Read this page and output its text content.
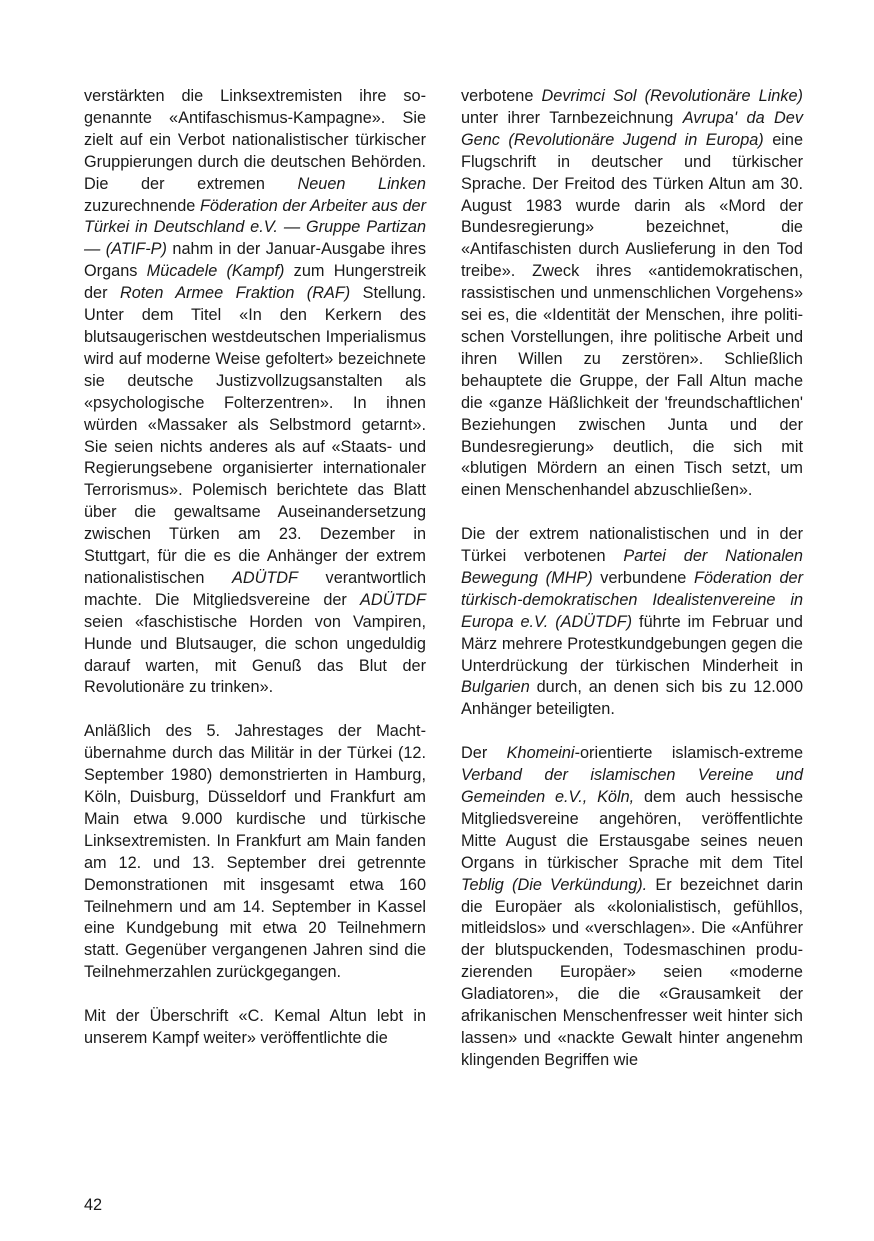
verstärkten die Linksextremisten ihre sogenannte «Antifaschismus-Kampagne». Sie zielt auf ein Verbot nationalistischer türkischer Gruppierungen durch die deutschen Behörden. Die der extremen Neuen Linken zuzurechnende Föderation der Arbeiter aus der Türkei in Deutschland e.V. — Gruppe Partizan — (ATIF-P) nahm in der Januar-Ausgabe ihres Organs Mücadele (Kampf) zum Hungerstreik der Roten Armee Fraktion (RAF) Stellung. Unter dem Titel «In den Kerkern des blutsaugerischen westdeutschen Imperialismus wird auf moderne Weise gefoltert» bezeichnete sie deutsche Justizvollzugsanstalten als «psychologische Folterzentren». In ihnen würden «Massaker als Selbstmord getarnt». Sie seien nichts anderes als auf «Staats- und Regierungsebene organisierter internationaler Terrorismus». Polemisch berichtete das Blatt über die gewaltsame Auseinandersetzung zwischen Türken am 23. Dezember in Stuttgart, für die es die Anhänger der extrem nationalistischen ADÜTDF verantwortlich machte. Die Mitgliedsvereine der ADÜTDF seien «faschistische Horden von Vampiren, Hunde und Blutsauger, die schon ungeduldig darauf warten, mit Genuß das Blut der Revolutionäre zu trinken».

Anläßlich des 5. Jahrestages der Machtübernahme durch das Militär in der Türkei (12. September 1980) demonstrierten in Hamburg, Köln, Duisburg, Düsseldorf und Frankfurt am Main etwa 9.000 kurdische und türkische Linksextremisten. In Frankfurt am Main fanden am 12. und 13. September drei getrennte Demonstrationen mit insgesamt etwa 160 Teilnehmern und am 14. September in Kassel eine Kundgebung mit etwa 20 Teilnehmern statt. Gegenüber vergangenen Jahren sind die Teilnehmerzahlen zurückgegangen.

Mit der Überschrift «C. Kemal Altun lebt in unserem Kampf weiter» veröffentlichte die

verbotene Devrimci Sol (Revolutionäre Linke) unter ihrer Tarnbezeichnung Avrupa' da Dev Genc (Revolutionäre Jugend in Europa) eine Flugschrift in deutscher und türkischer Sprache. Der Freitod des Türken Altun am 30. August 1983 wurde darin als «Mord der Bundesregierung» bezeichnet, die «Antifaschisten durch Auslieferung in den Tod treibe». Zweck ihres «antidemokratischen, rassistischen und unmenschlichen Vorgehens» sei es, die «Identität der Menschen, ihre politischen Vorstellungen, ihre politische Arbeit und ihren Willen zu zerstören». Schließlich behauptete die Gruppe, der Fall Altun mache die «ganze Häßlichkeit der 'freundschaftlichen' Beziehungen zwischen Junta und der Bundesregierung» deutlich, die sich mit «blutigen Mördern an einen Tisch setzt, um einen Menschenhandel abzuschließen».

Die der extrem nationalistischen und in der Türkei verbotenen Partei der Nationalen Bewegung (MHP) verbundene Föderation der türkisch-demokratischen Idealistenvereine in Europa e.V. (ADÜTDF) führte im Februar und März mehrere Protestkundgebungen gegen die Unterdrückung der türkischen Minderheit in Bulgarien durch, an denen sich bis zu 12.000 Anhänger beteiligten.

Der Khomeini-orientierte islamisch-extreme Verband der islamischen Vereine und Gemeinden e.V., Köln, dem auch hessische Mitgliedsvereine angehören, veröffentlichte Mitte August die Erstausgabe seines neuen Organs in türkischer Sprache mit dem Titel Teblig (Die Verkündung). Er bezeichnet darin die Europäer als «kolonialistisch, gefühllos, mitleidslos» und «verschlagen». Die «Anführer der blutspuckenden, Todesmaschinen produzierenden Europäer» seien «moderne Gladiatoren», die die «Grausamkeit der afrikanischen Menschenfresser weit hinter sich lassen» und «nackte Gewalt hinter angenehm klingenden Begriffen wie

42
